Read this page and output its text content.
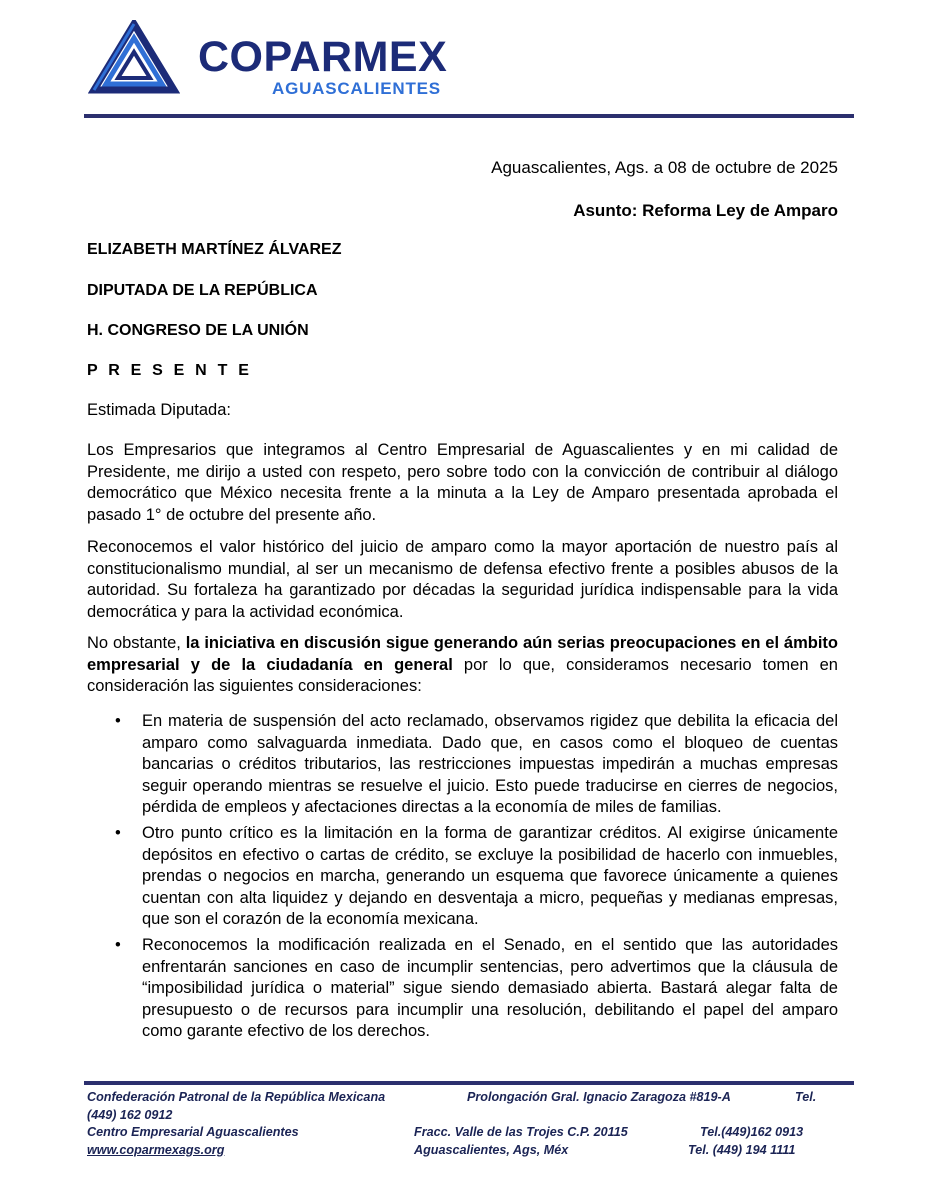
COPARMEX
AGUASCALIENTES
Aguascalientes, Ags. a 08 de octubre de 2025
Asunto: Reforma Ley de Amparo
ELIZABETH MARTÍNEZ ÁLVAREZ
DIPUTADA DE LA REPÚBLICA
H. CONGRESO DE LA UNIÓN
P R E S E N T E
Estimada Diputada:

Los Empresarios que integramos al Centro Empresarial de Aguascalientes y en mi calidad de Presidente, me dirijo a usted con respeto, pero sobre todo con la convicción de contribuir al diálogo democrático que México necesita frente a la minuta a la Ley de Amparo presentada aprobada el pasado 1° de octubre del presente año.

Reconocemos el valor histórico del juicio de amparo como la mayor aportación de nuestro país al constitucionalismo mundial, al ser un mecanismo de defensa efectivo frente a posibles abusos de la autoridad. Su fortaleza ha garantizado por décadas la seguridad jurídica indispensable para la vida democrática y para la actividad económica.

No obstante, la iniciativa en discusión sigue generando aún serias preocupaciones en el ámbito empresarial y de la ciudadanía en general por lo que, consideramos necesario tomen en consideración las siguientes consideraciones:

• En materia de suspensión del acto reclamado, observamos rigidez que debilita la eficacia del amparo como salvaguarda inmediata. Dado que, en casos como el bloqueo de cuentas bancarias o créditos tributarios, las restricciones impuestas impedirán a muchas empresas seguir operando mientras se resuelve el juicio. Esto puede traducirse en cierres de negocios, pérdida de empleos y afectaciones directas a la economía de miles de familias.
• Otro punto crítico es la limitación en la forma de garantizar créditos. Al exigirse únicamente depósitos en efectivo o cartas de crédito, se excluye la posibilidad de hacerlo con inmuebles, prendas o negocios en marcha, generando un esquema que favorece únicamente a quienes cuentan con alta liquidez y dejando en desventaja a micro, pequeñas y medianas empresas, que son el corazón de la economía mexicana.
• Reconocemos la modificación realizada en el Senado, en el sentido que las autoridades enfrentarán sanciones en caso de incumplir sentencias, pero advertimos que la cláusula de “imposibilidad jurídica o material” sigue siendo demasiado abierta. Bastará alegar falta de presupuesto o de recursos para incumplir una resolución, debilitando el papel del amparo como garante efectivo de los derechos.
Confederación Patronal de la República Mexicana	Prolongación Gral. Ignacio Zaragoza #819-A	Tel.
(449) 162 0912
Centro Empresarial Aguascalientes	Fracc. Valle de las Trojes C.P. 20115	Tel.(449)162 0913
www.coparmexags.org	Aguascalientes, Ags, Méx	Tel. (449) 194 1111
